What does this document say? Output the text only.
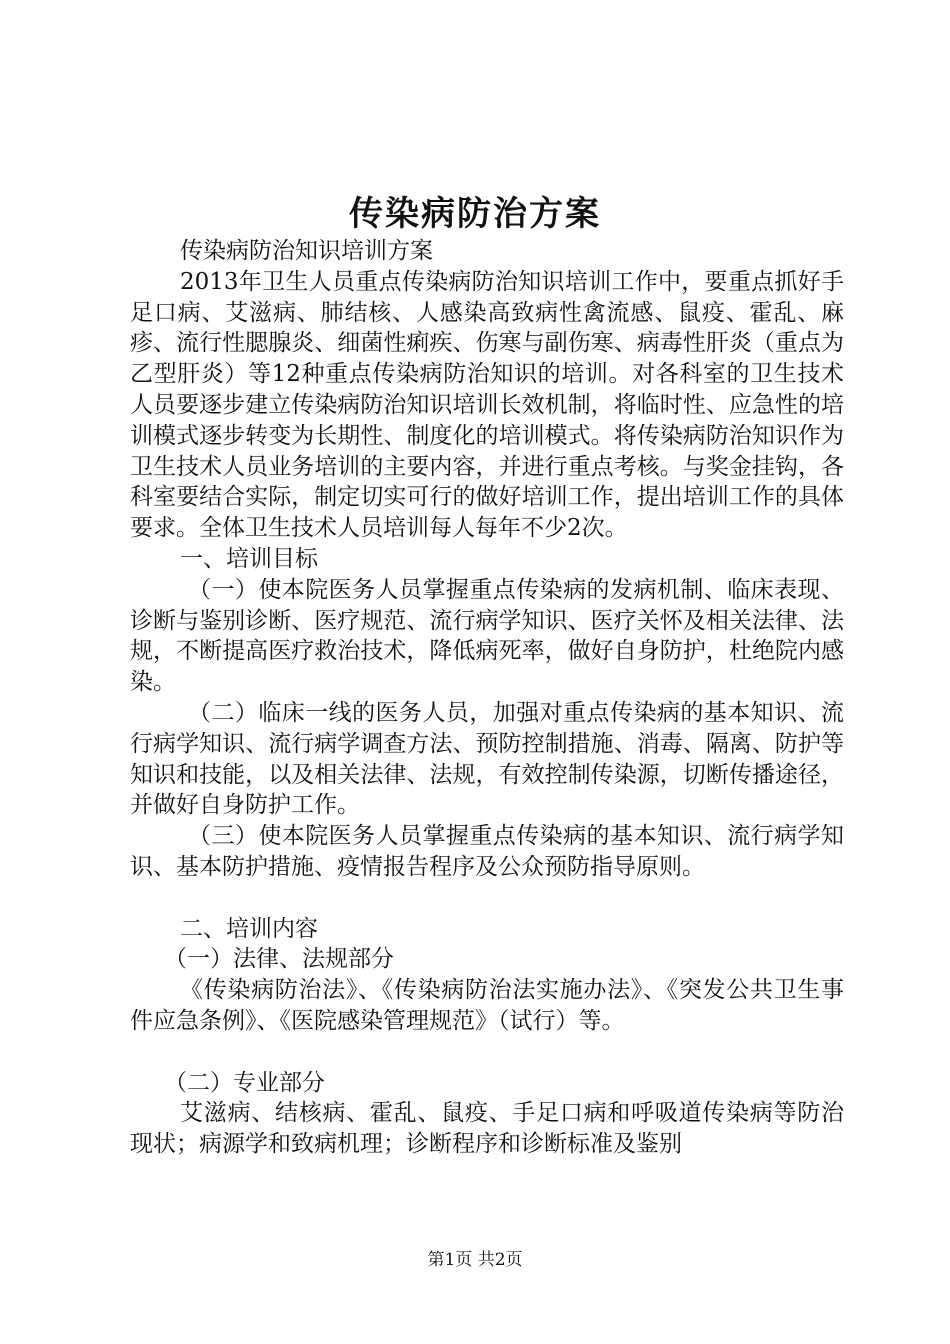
传染病防治方案

传染病防治知识培训方案

2013年卫生人员重点传染病防治知识培训工作中，要重点抓好手足口病、艾滋病、肺结核、人感染高致病性禽流感、鼠疫、霍乱、麻疹、流行性腮腺炎、细菌性痢疾、伤寒与副伤寒、病毒性肝炎（重点为乙型肝炎）等12种重点传染病防治知识的培训。对各科室的卫生技术人员要逐步建立传染病防治知识培训长效机制，将临时性、应急性的培训模式逐步转变为长期性、制度化的培训模式。将传染病防治知识作为卫生技术人员业务培训的主要内容，并进行重点考核。与奖金挂钩，各科室要结合实际，制定切实可行的做好培训工作，提出培训工作的具体要求。全体卫生技术人员培训每人每年不少2次。

一、培训目标

（一）使本院医务人员掌握重点传染病的发病机制、临床表现、诊断与鉴别诊断、医疗规范、流行病学知识、医疗关怀及相关法律、法规，不断提高医疗救治技术，降低病死率，做好自身防护，杜绝院内感染。

（二）临床一线的医务人员，加强对重点传染病的基本知识、流行病学知识、流行病学调查方法、预防控制措施、消毒、隔离、防护等知识和技能，以及相关法律、法规，有效控制传染源，切断传播途径，并做好自身防护工作。

（三）使本院医务人员掌握重点传染病的基本知识、流行病学知识、基本防护措施、疫情报告程序及公众预防指导原则。

二、培训内容

（一）法律、法规部分

《传染病防治法》、《传染病防治法实施办法》、《突发公共卫生事件应急条例》、《医院感染管理规范》（试行）等。

（二）专业部分

艾滋病、结核病、霍乱、鼠疫、手足口病和呼吸道传染病等防治现状；病源学和致病机理；诊断程序和诊断标准及鉴别

第1页 共2页
